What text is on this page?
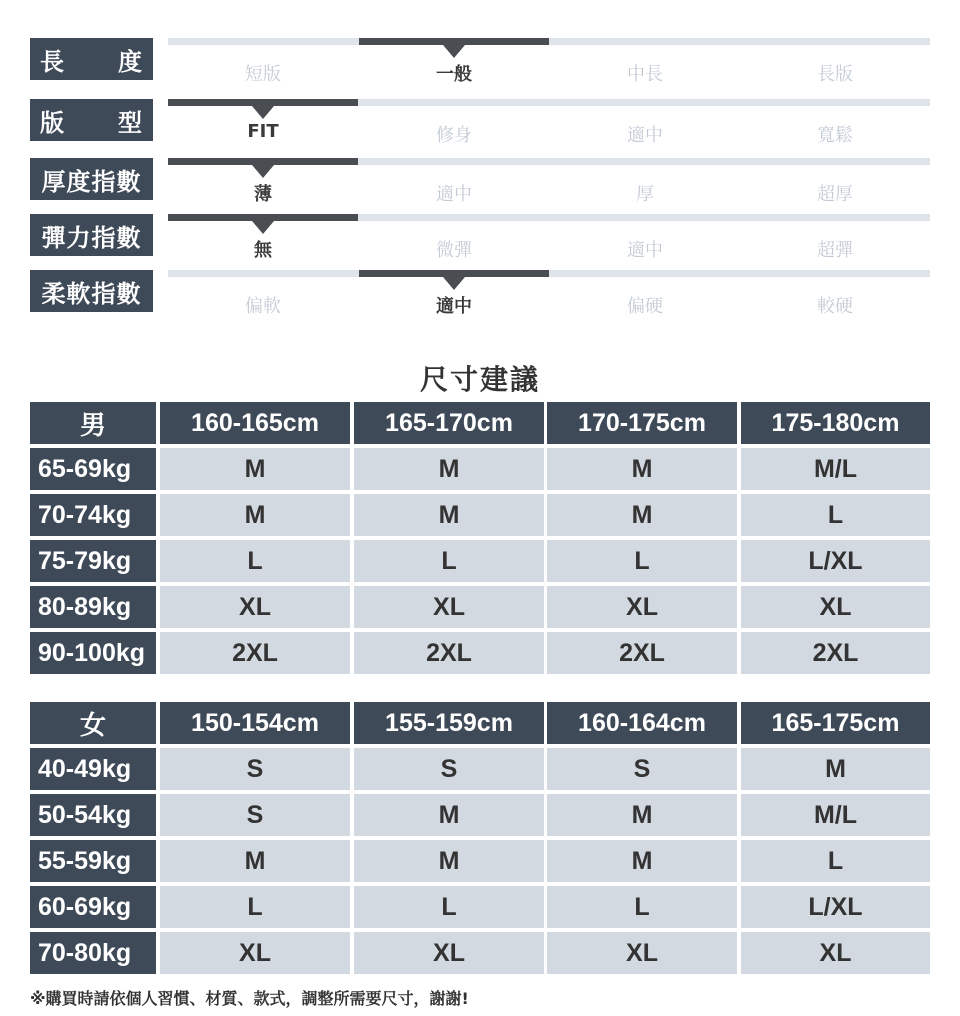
長 度	短版	一般	中長	長版
版 型	FIT	修身	適中	寬鬆
厚度指數	薄	適中	厚	超厚
彈力指數	無	微彈	適中	超彈
柔軟指數	偏軟	適中	偏硬	較硬
尺寸建議
男	160-165cm	165-170cm	170-175cm	175-180cm
65-69kg	M	M	M	M/L
70-74kg	M	M	M	L
75-79kg	L	L	L	L/XL
80-89kg	XL	XL	XL	XL
90-100kg	2XL	2XL	2XL	2XL
女	150-154cm	155-159cm	160-164cm	165-175cm
40-49kg	S	S	S	M
50-54kg	S	M	M	M/L
55-59kg	M	M	M	L
60-69kg	L	L	L	L/XL
70-80kg	XL	XL	XL	XL
※購買時請依個人習慣、材質、款式，調整所需要尺寸，謝謝!
